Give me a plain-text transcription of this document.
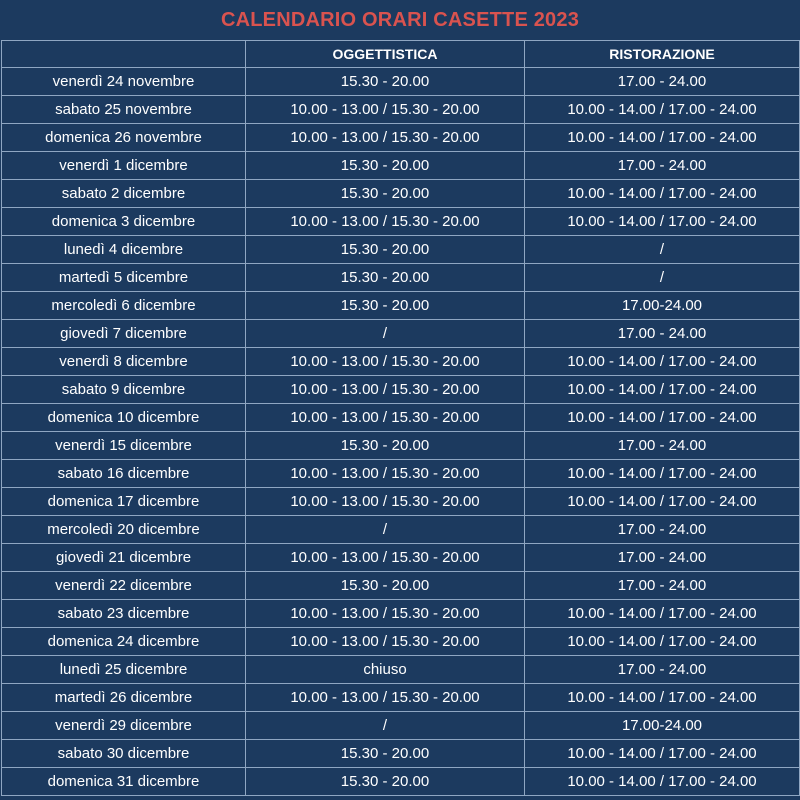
CALENDARIO ORARI CASETTE 2023
	OGGETTISTICA	RISTORAZIONE
venerdì 24 novembre	15.30 - 20.00	17.00 - 24.00
sabato 25 novembre	10.00 - 13.00 / 15.30 - 20.00	10.00 - 14.00 / 17.00 - 24.00
domenica 26 novembre	10.00 - 13.00 / 15.30 - 20.00	10.00 - 14.00 / 17.00 - 24.00
venerdì 1 dicembre	15.30 - 20.00	17.00 - 24.00
sabato 2 dicembre	15.30 - 20.00	10.00 - 14.00 / 17.00 - 24.00
domenica 3 dicembre	10.00 - 13.00 / 15.30 - 20.00	10.00 - 14.00 / 17.00 - 24.00
lunedì 4 dicembre	15.30 - 20.00	/
martedì 5 dicembre	15.30 - 20.00	/
mercoledì 6 dicembre	15.30 - 20.00	17.00-24.00
giovedì 7 dicembre	/	17.00 - 24.00
venerdì 8 dicembre	10.00 - 13.00 / 15.30 - 20.00	10.00 - 14.00 / 17.00 - 24.00
sabato 9 dicembre	10.00 - 13.00 / 15.30 - 20.00	10.00 - 14.00 / 17.00 - 24.00
domenica 10 dicembre	10.00 - 13.00 / 15.30 - 20.00	10.00 - 14.00 / 17.00 - 24.00
venerdì 15 dicembre	15.30 - 20.00	17.00 - 24.00
sabato 16 dicembre	10.00 - 13.00 / 15.30 - 20.00	10.00 - 14.00 / 17.00 - 24.00
domenica 17 dicembre	10.00 - 13.00 / 15.30 - 20.00	10.00 - 14.00 / 17.00 - 24.00
mercoledì 20 dicembre	/	17.00 - 24.00
giovedì 21 dicembre	10.00 - 13.00 / 15.30 - 20.00	17.00 - 24.00
venerdì 22 dicembre	15.30 - 20.00	17.00 - 24.00
sabato 23 dicembre	10.00 - 13.00 / 15.30 - 20.00	10.00 - 14.00 / 17.00 - 24.00
domenica 24 dicembre	10.00 - 13.00 / 15.30 - 20.00	10.00 - 14.00 / 17.00 - 24.00
lunedì 25 dicembre	chiuso	17.00 - 24.00
martedì 26 dicembre	10.00 - 13.00 / 15.30 - 20.00	10.00 - 14.00 / 17.00 - 24.00
venerdì 29 dicembre	/	17.00-24.00
sabato 30 dicembre	15.30 - 20.00	10.00 - 14.00 / 17.00 - 24.00
domenica 31 dicembre	15.30 - 20.00	10.00 - 14.00 / 17.00 - 24.00
